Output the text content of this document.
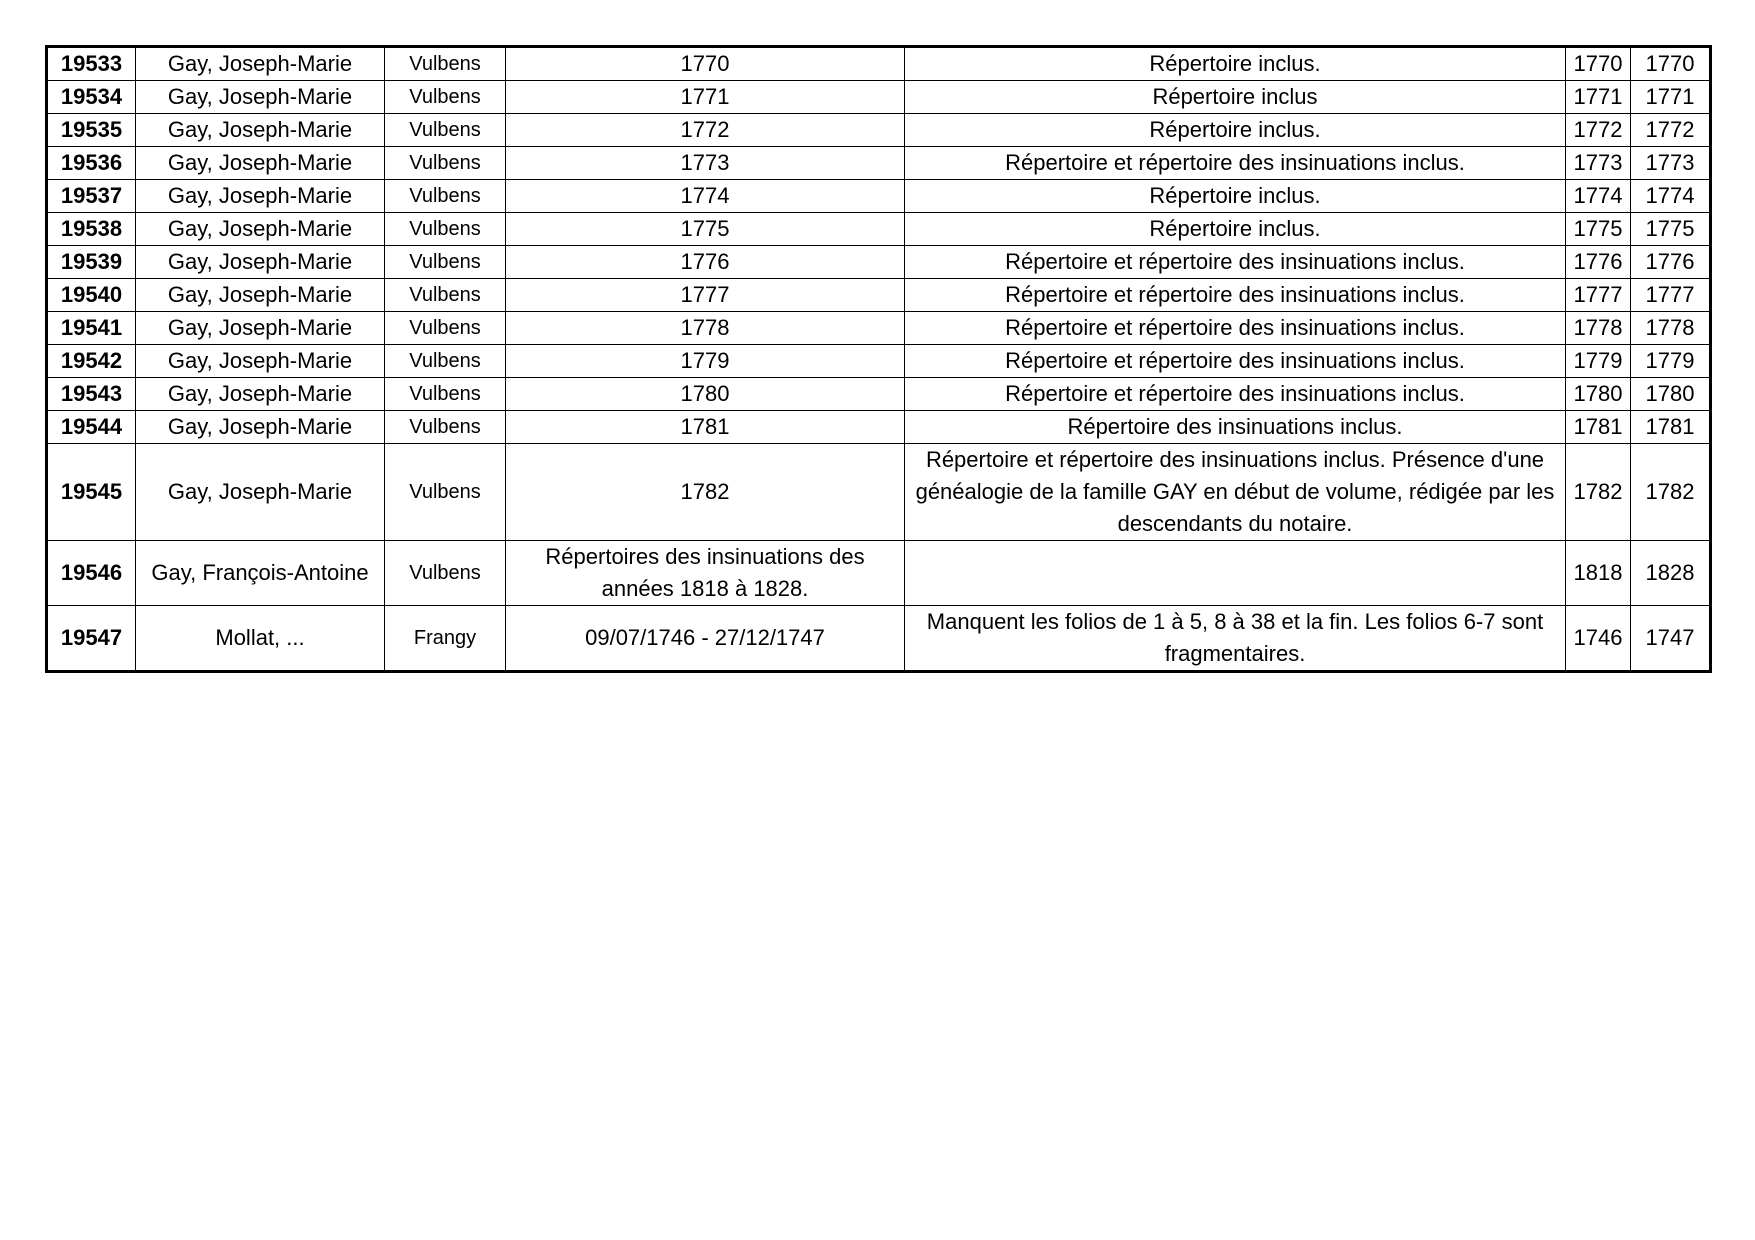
19533	Gay, Joseph-Marie	Vulbens	1770	Répertoire inclus.	1770	1770
19534	Gay, Joseph-Marie	Vulbens	1771	Répertoire inclus	1771	1771
19535	Gay, Joseph-Marie	Vulbens	1772	Répertoire inclus.	1772	1772
19536	Gay, Joseph-Marie	Vulbens	1773	Répertoire et répertoire des insinuations inclus.	1773	1773
19537	Gay, Joseph-Marie	Vulbens	1774	Répertoire inclus.	1774	1774
19538	Gay, Joseph-Marie	Vulbens	1775	Répertoire inclus.	1775	1775
19539	Gay, Joseph-Marie	Vulbens	1776	Répertoire et répertoire des insinuations inclus.	1776	1776
19540	Gay, Joseph-Marie	Vulbens	1777	Répertoire et répertoire des insinuations inclus.	1777	1777
19541	Gay, Joseph-Marie	Vulbens	1778	Répertoire et répertoire des insinuations inclus.	1778	1778
19542	Gay, Joseph-Marie	Vulbens	1779	Répertoire et répertoire des insinuations inclus.	1779	1779
19543	Gay, Joseph-Marie	Vulbens	1780	Répertoire et répertoire des insinuations inclus.	1780	1780
19544	Gay, Joseph-Marie	Vulbens	1781	Répertoire des insinuations inclus.	1781	1781
19545	Gay, Joseph-Marie	Vulbens	1782	Répertoire et répertoire des insinuations inclus. Présence d'une généalogie de la famille GAY en début de volume, rédigée par les descendants du notaire.	1782	1782
19546	Gay, François-Antoine	Vulbens	Répertoires des insinuations des années 1818 à 1828.		1818	1828
19547	Mollat, ...	Frangy	09/07/1746 - 27/12/1747	Manquent les folios de 1 à 5, 8 à 38 et la fin. Les folios 6-7 sont fragmentaires.	1746	1747
